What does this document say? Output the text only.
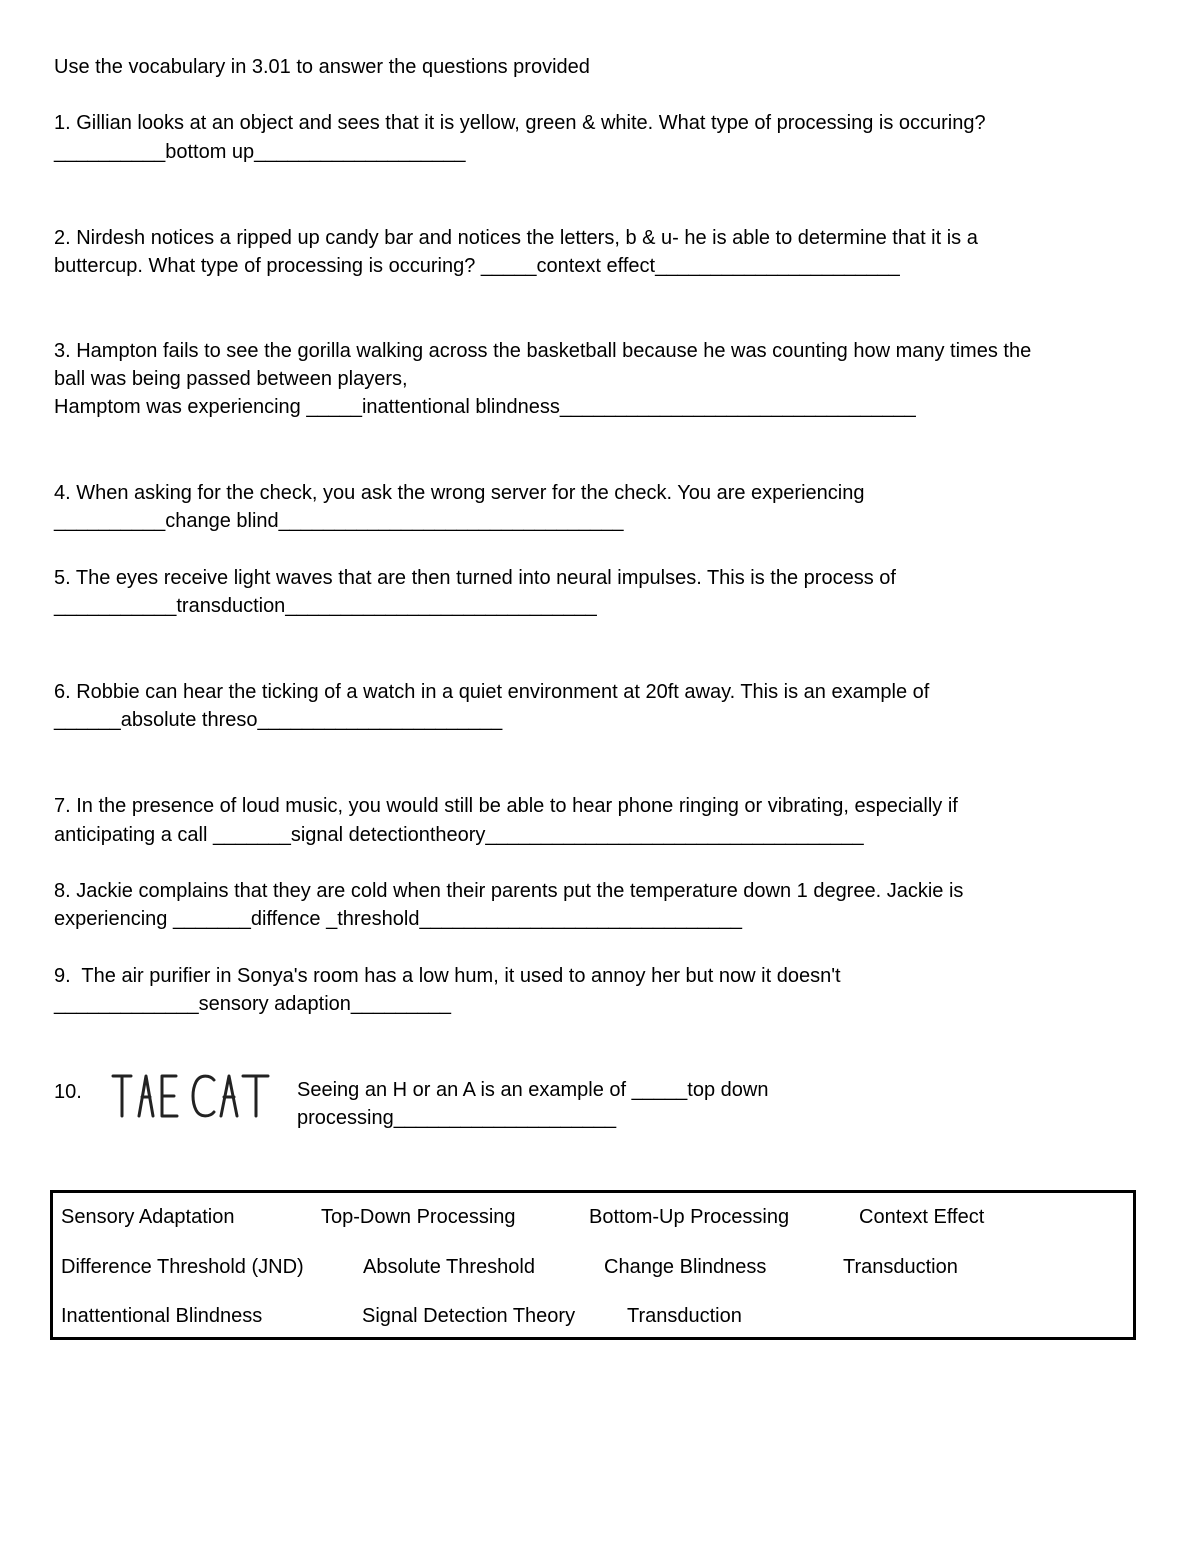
Use the vocabulary in 3.01 to answer the questions provided
1. Gillian looks at an object and sees that it is yellow, green & white. What type of processing is occuring?
__________bottom up___________________
2. Nirdesh notices a ripped up candy bar and notices the letters, b & u- he is able to determine that it is a
buttercup. What type of processing is occuring? _____context effect______________________
3. Hampton fails to see the gorilla walking across the basketball because he was counting how many times the
ball was being passed between players,
Hamptom was experiencing _____inattentional blindness________________________________
4. When asking for the check, you ask the wrong server for the check. You are experiencing
__________change blind_______________________________
5. The eyes receive light waves that are then turned into neural impulses. This is the process of
___________transduction____________________________
6. Robbie can hear the ticking of a watch in a quiet environment at 20ft away. This is an example of
______absolute threso______________________
7. In the presence of loud music, you would still be able to hear phone ringing or vibrating, especially if
anticipating a call _______signal detectiontheory__________________________________
8. Jackie complains that they are cold when their parents put the temperature down 1 degree. Jackie is
experiencing _______diffence _threshold_____________________________
9.  The air purifier in Sonya's room has a low hum, it used to annoy her but now it doesn't
_____________sensory adaption_________
10.	Seeing an H or an A is an example of _____top down
processing____________________
Sensory Adaptation	Top-Down Processing	Bottom-Up Processing	Context Effect
Difference Threshold (JND)	Absolute Threshold	Change Blindness	Transduction
Inattentional Blindness	Signal Detection Theory	Transduction
